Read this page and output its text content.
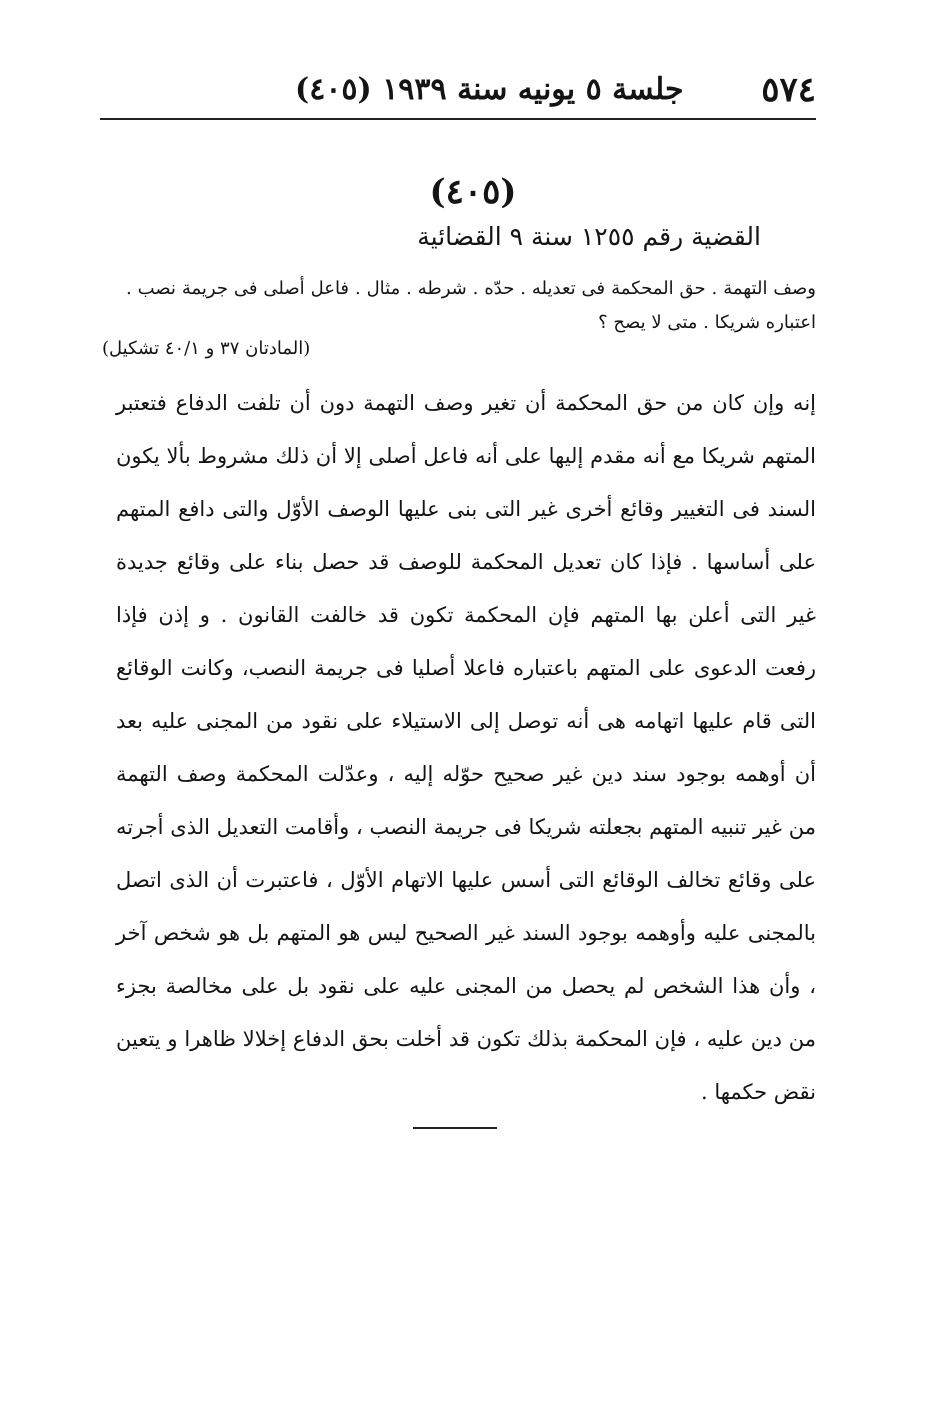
٥٧٤
جلسة ٥ يونيه سنة ١٩٣٩ (٤٠٥)
(٤٠٥)
القضية رقم ١٢٥٥ سنة ٩ القضائية
وصف التهمة . حق المحكمة فى تعديله . حدّه . شرطه . مثال . فاعل أصلى فى جريمة نصب . اعتباره شريكا . متى لا يصح ؟
(المادتان ٣٧ و ٤٠/١ تشكيل)
إنه وإن كان من حق المحكمة أن تغير وصف التهمة دون أن تلفت الدفاع فتعتبر المتهم شريكا مع أنه مقدم إليها على أنه فاعل أصلى إلا أن ذلك مشروط بألا يكون السند فى التغيير وقائع أخرى غير التى بنى عليها الوصف الأوّل والتى دافع المتهم على أساسها . فإذا كان تعديل المحكمة للوصف قد حصل بناء على وقائع جديدة غير التى أعلن بها المتهم فإن المحكمة تكون قد خالفت القانون . و إذن فإذا رفعت الدعوى على المتهم باعتباره فاعلا أصليا فى جريمة النصب، وكانت الوقائع التى قام عليها اتهامه هى أنه توصل إلى الاستيلاء على نقود من المجنى عليه بعد أن أوهمه بوجود سند دين غير صحيح حوّله إليه ، وعدّلت المحكمة وصف التهمة من غير تنبيه المتهم بجعلته شريكا فى جريمة النصب ، وأقامت التعديل الذى أجرته على وقائع تخالف الوقائع التى أسس عليها الاتهام الأوّل ، فاعتبرت أن الذى اتصل بالمجنى عليه وأوهمه بوجود السند غير الصحيح ليس هو المتهم بل هو شخص آخر ، وأن هذا الشخص لم يحصل من المجنى عليه على نقود بل على مخالصة بجزء من دين عليه ، فإن المحكمة بذلك تكون قد أخلت بحق الدفاع إخلالا ظاهرا و يتعين نقض حكمها .
